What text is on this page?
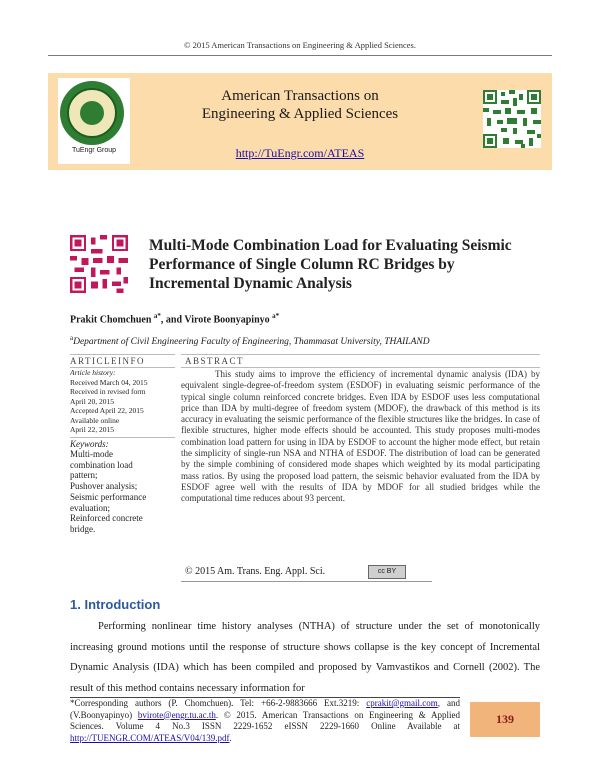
© 2015 American Transactions on Engineering & Applied Sciences.
TuEngr Group
American Transactions on
Engineering & Applied Sciences
http://TuEngr.com/ATEAS
Multi-Mode Combination Load for Evaluating Seismic Performance of Single Column RC Bridges by Incremental Dynamic Analysis
Prakit Chomchuen $^{a*}$, and Virote Boonyapinyo $^{a*}$
$^a$Department of Civil Engineering Faculty of Engineering, Thammasat University, THAILAND
ARTICLEINFO	ABSTRACT
Article history:
Received March 04, 2015
Received in revised form
April 20, 2015
Accepted April 22, 2015
Available online
April 22, 2015
Keywords:
Multi-mode
combination load
pattern;
Pushover analysis;
Seismic performance
evaluation;
Reinforced concrete
bridge.
This study aims to improve the efficiency of incremental dynamic analysis (IDA) by equivalent single-degree-of-freedom system (ESDOF) in evaluating seismic performance of the typical single column reinforced concrete bridges. Even IDA by ESDOF uses less computational price than IDA by multi-degree of freedom system (MDOF), the drawback of this method is its accuracy in evaluating the seismic performance of the flexible structures like the bridges. In case of flexible structures, higher mode effects should be accounted. This study proposes multi-modes combination load pattern for using in IDA by ESDOF to account the higher mode effect, but retain the simplicity of single-run NSA and NTHA of ESDOF. The distribution of load can be generated by the simple combining of considered mode shapes which weighted by its modal participating mass ratios. By using the proposed load pattern, the seismic behavior evaluated from the IDA by ESDOF agree well with the results of IDA by MDOF for all studied bridges while the computational time reduces about 93 percent.
© 2015 Am. Trans. Eng. Appl. Sci.	cc BY
1. Introduction
Performing nonlinear time history analyses (NTHA) of structure under the set of monotonically increasing ground motions until the response of structure shows collapse is the key concept of Incremental Dynamic Analysis (IDA) which has been compiled and proposed by Vamvastikos and Cornell (2002). The result of this method contains necessary information for
*Corresponding authors (P. Chomchuen). Tel: +66-2-9883666 Ext.3219: cprakit@gmail.com, and (V.Boonyapinyo) bvirote@engr.tu.ac.th. © 2015. American Transactions on Engineering & Applied Sciences. Volume 4 No.3 ISSN 2229-1652 eISSN 2229-1660 Online Available at http://TUENGR.COM/ATEAS/V04/139.pdf.
139
